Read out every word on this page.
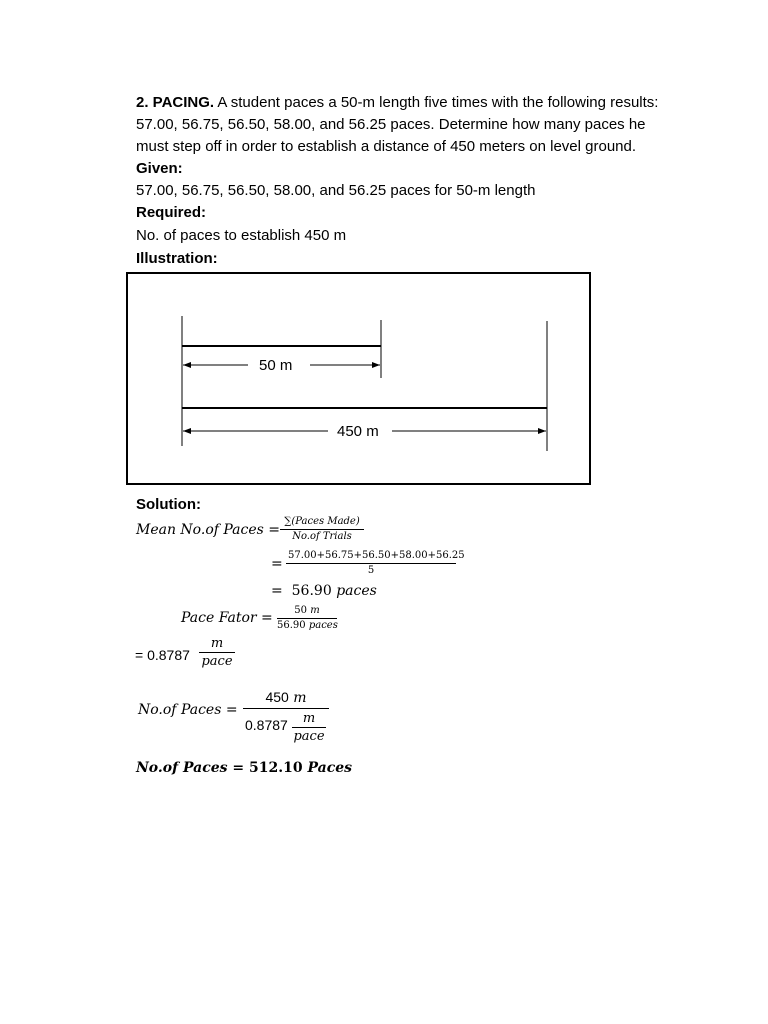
2. PACING. A student paces a 50-m length five times with the following results:

57.00, 56.75, 56.50, 58.00, and 56.25 paces. Determine how many paces he

must step off in order to establish a distance of 450 meters on level ground.

Given:

57.00, 56.75, 56.50, 58.00, and 56.25 paces for 50-m length

Required:

No. of paces to establish 450 m

Illustration:

50 m
450 m

Solution:

Mean No.of Paces =
∑(Paces Made)
No.of Trials
=
57.00+56.75+56.50+58.00+56.25
5
= 56.90 paces
Pace Fator =	50 m
56.90 paces
= 0.8787
m
pace
No.of Paces =
450 m
0.8787	m
pace
No.of Paces = 512.10 Paces
